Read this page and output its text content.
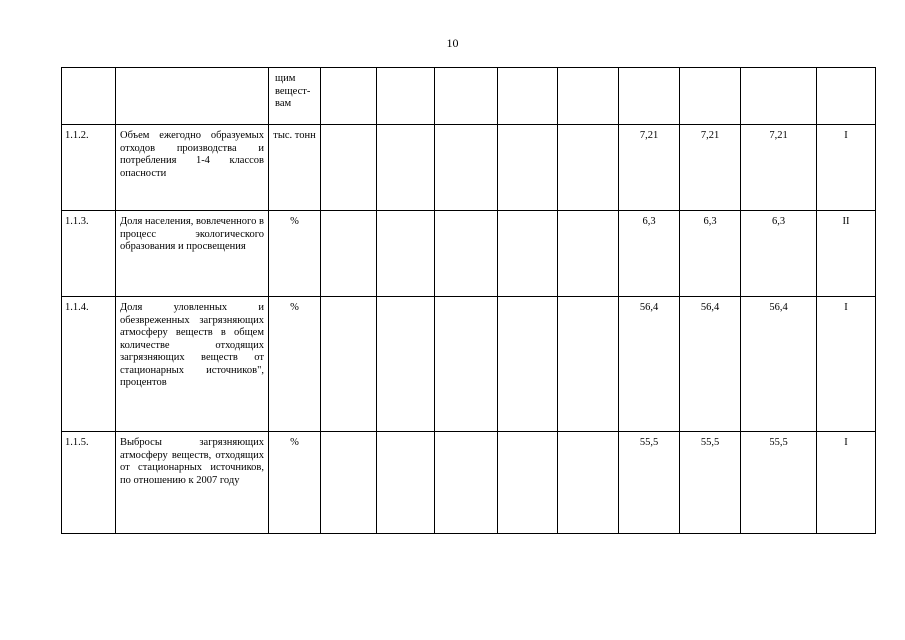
10
		щим вещест-вам									
1.1.2.	Объем ежегодно образуемых отходов производства и потребления 1-4 классов опасности	тыс. тонн						7,21	7,21	7,21	I
1.1.3.	Доля населения, вовлеченного в процесс экологического образования и просвещения	%						6,3	6,3	6,3	II
1.1.4.	Доля уловленных и обезвреженных загрязняющих атмосферу веществ в общем количестве отходящих загрязняющих веществ от стационарных источников", процентов	%						56,4	56,4	56,4	I
1.1.5.	Выбросы загрязняющих атмосферу веществ, отходящих от стационарных источников, по отношению к 2007 году	%						55,5	55,5	55,5	I
